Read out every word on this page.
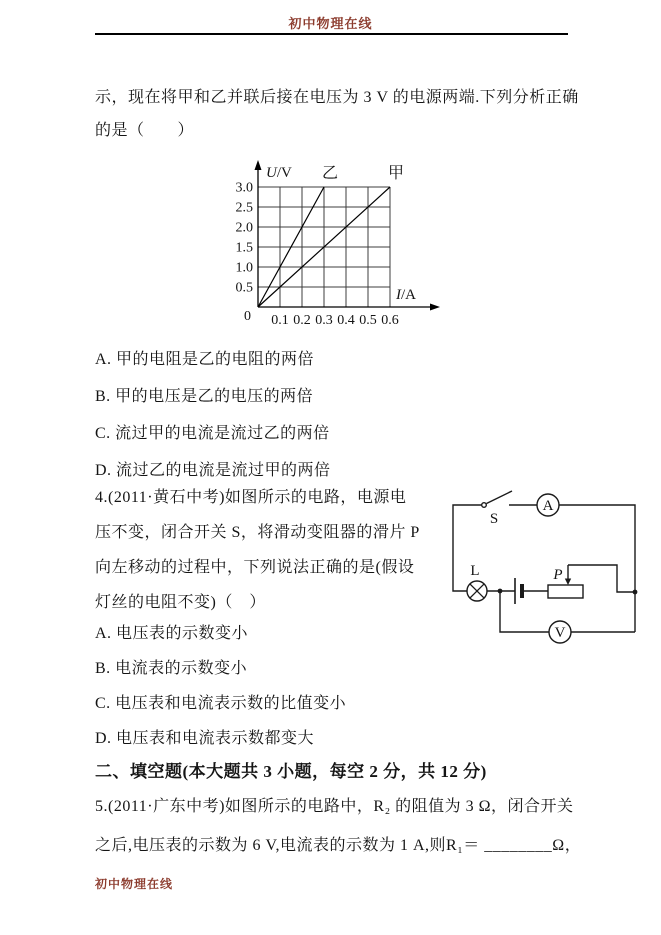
初中物理在线
示，现在将甲和乙并联后接在电压为 3 V 的电源两端.下列分析正确
的是（　　）
3.0
2.5
2.0
1.5
1.0
0.5
0.1 0.2 0.3 0.4 0.5 0.6
0
U/V
I/A
乙	甲
A. 甲的电阻是乙的电阻的两倍
B. 甲的电压是乙的电压的两倍
C. 流过甲的电流是流过乙的两倍
D. 流过乙的电流是流过甲的两倍
4.(2011·黄石中考)如图所示的电路，电源电
压不变，闭合开关 S，将滑动变阻器的滑片 P
向左移动的过程中，下列说法正确的是(假设
灯丝的电阻不变)（　）
A
V
S
L	P
A. 电压表的示数变小
B. 电流表的示数变小
C. 电压表和电流表示数的比值变小
D. 电压表和电流表示数都变大
二、填空题(本大题共 3 小题，每空 2 分，共 12 分)
5.(2011·广东中考)如图所示的电路中，R₂ 的阻值为 3 Ω，闭合开关
之后,电压表的示数为 6 V,电流表的示数为 1 A,则R₁＝ ________Ω，
初中物理在线
